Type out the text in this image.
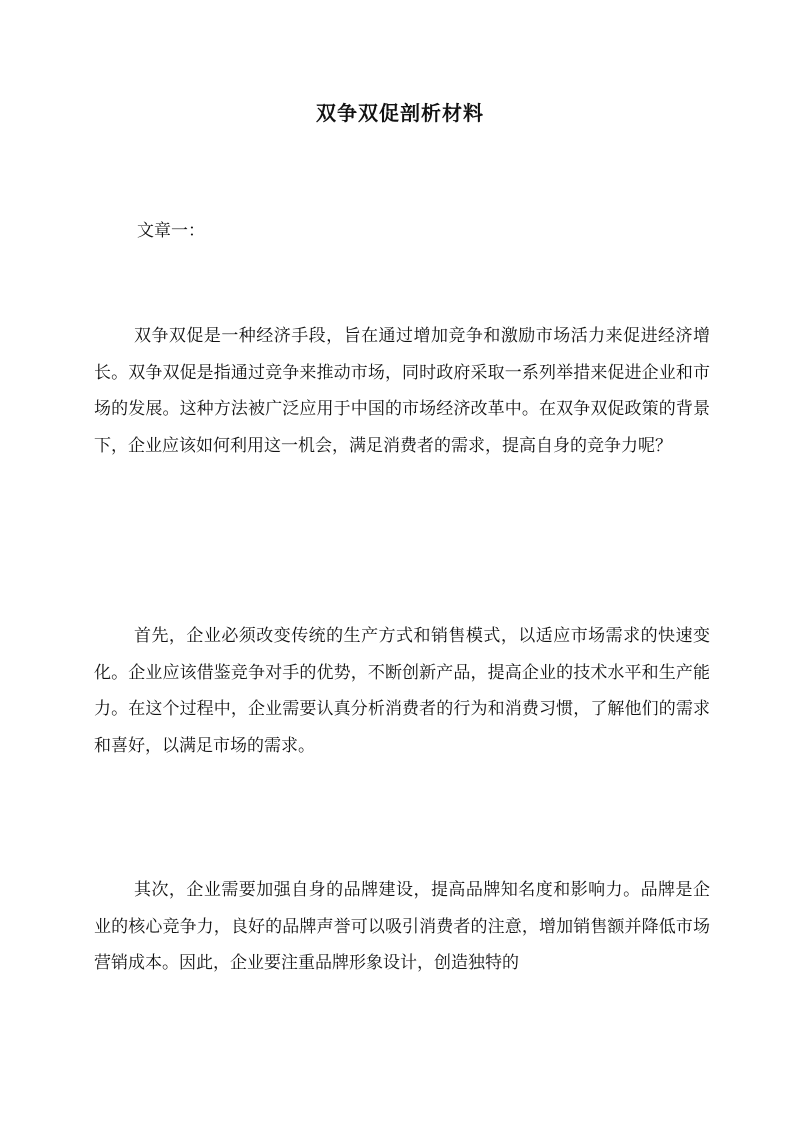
双争双促剖析材料
文章一：

双争双促是一种经济手段，旨在通过增加竞争和激励市场活力来促进经济增长。双争双促是指通过竞争来推动市场，同时政府采取一系列举措来促进企业和市场的发展。这种方法被广泛应用于中国的市场经济改革中。在双争双促政策的背景下，企业应该如何利用这一机会，满足消费者的需求，提高自身的竞争力呢？

首先，企业必须改变传统的生产方式和销售模式，以适应市场需求的快速变化。企业应该借鉴竞争对手的优势，不断创新产品，提高企业的技术水平和生产能力。在这个过程中，企业需要认真分析消费者的行为和消费习惯，了解他们的需求和喜好，以满足市场的需求。

其次，企业需要加强自身的品牌建设，提高品牌知名度和影响力。品牌是企业的核心竞争力，良好的品牌声誉可以吸引消费者的注意，增加销售额并降低市场营销成本。因此，企业要注重品牌形象设计，创造独特的
